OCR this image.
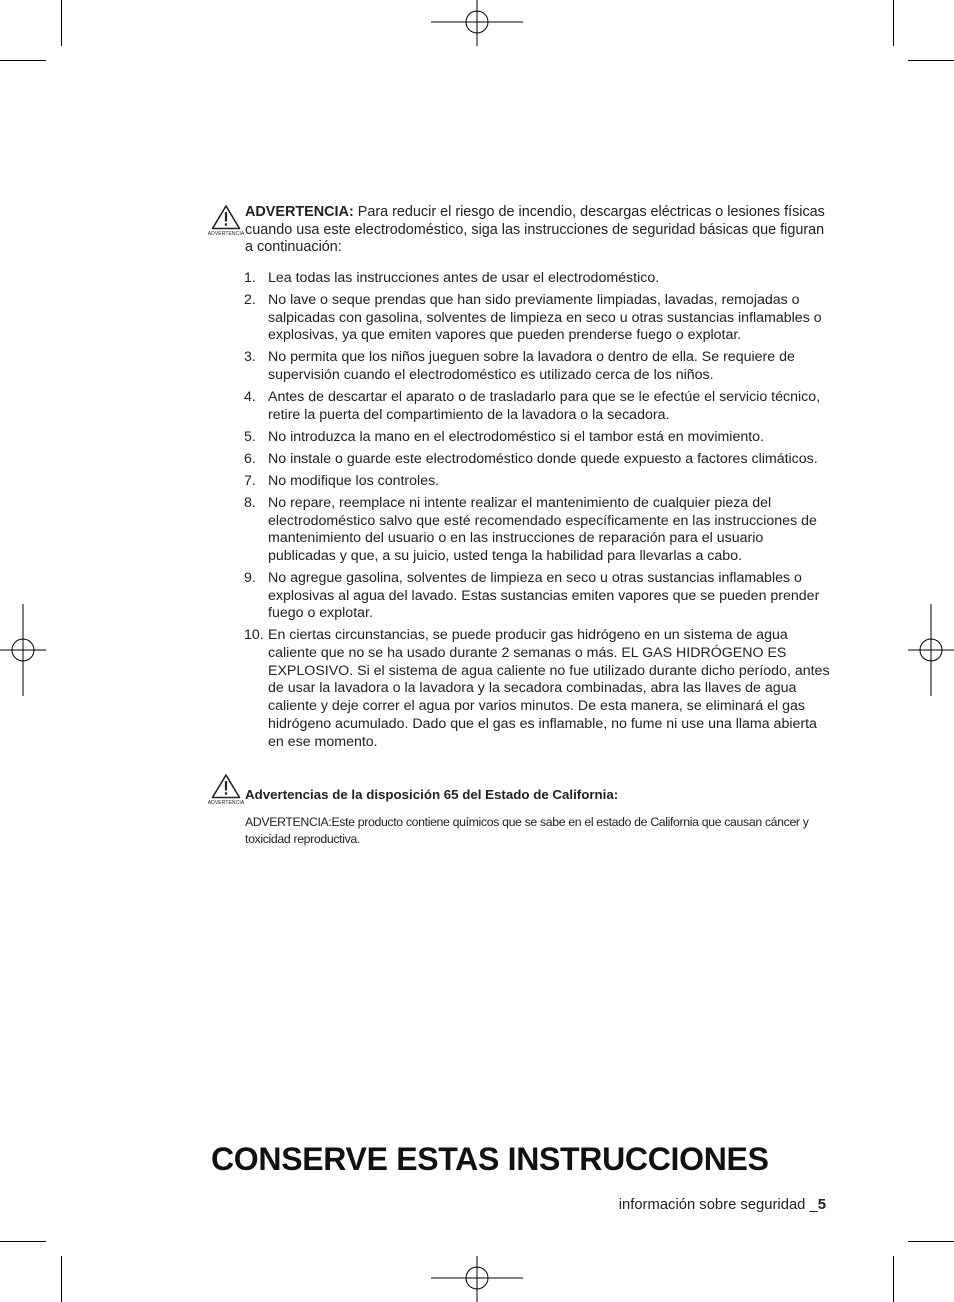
ADVERTENCIA
ADVERTENCIA: Para reducir el riesgo de incendio, descargas eléctricas o lesiones físicas cuando usa este electrodoméstico, siga las instrucciones de seguridad básicas que figuran a continuación:
1. Lea todas las instrucciones antes de usar el electrodoméstico.
2. No lave o seque prendas que han sido previamente limpiadas, lavadas, remojadas o salpicadas con gasolina, solventes de limpieza en seco u otras sustancias inflamables o explosivas, ya que emiten vapores que pueden prenderse fuego o explotar.
3. No permita que los niños jueguen sobre la lavadora o dentro de ella. Se requiere de supervisión cuando el electrodoméstico es utilizado cerca de los niños.
4. Antes de descartar el aparato o de trasladarlo para que se le efectúe el servicio técnico, retire la puerta del compartimiento de la lavadora o la secadora.
5. No introduzca la mano en el electrodoméstico si el tambor está en movimiento.
6. No instale o guarde este electrodoméstico donde quede expuesto a factores climáticos.
7. No modifique los controles.
8. No repare, reemplace ni intente realizar el mantenimiento de cualquier pieza del electrodoméstico salvo que esté recomendado específicamente en las instrucciones de mantenimiento del usuario o en las instrucciones de reparación para el usuario publicadas y que, a su juicio, usted tenga la habilidad para llevarlas a cabo.
9. No agregue gasolina, solventes de limpieza en seco u otras sustancias inflamables o explosivas al agua del lavado. Estas sustancias emiten vapores que se pueden prender fuego o explotar.
10. En ciertas circunstancias, se puede producir gas hidrógeno en un sistema de agua caliente que no se ha usado durante 2 semanas o más. EL GAS HIDRÓGENO ES EXPLOSIVO. Si el sistema de agua caliente no fue utilizado durante dicho período, antes de usar la lavadora o la lavadora y la secadora combinadas, abra las llaves de agua caliente y deje correr el agua por varios minutos. De esta manera, se eliminará el gas hidrógeno acumulado. Dado que el gas es inflamable, no fume ni use una llama abierta en ese momento.
ADVERTENCIA
Advertencias de la disposición 65 del Estado de California:
ADVERTENCIA:Este producto contiene químicos que se sabe en el estado de California que causan cáncer y toxicidad reproductiva.
CONSERVE ESTAS INSTRUCCIONES
información sobre seguridad _5
